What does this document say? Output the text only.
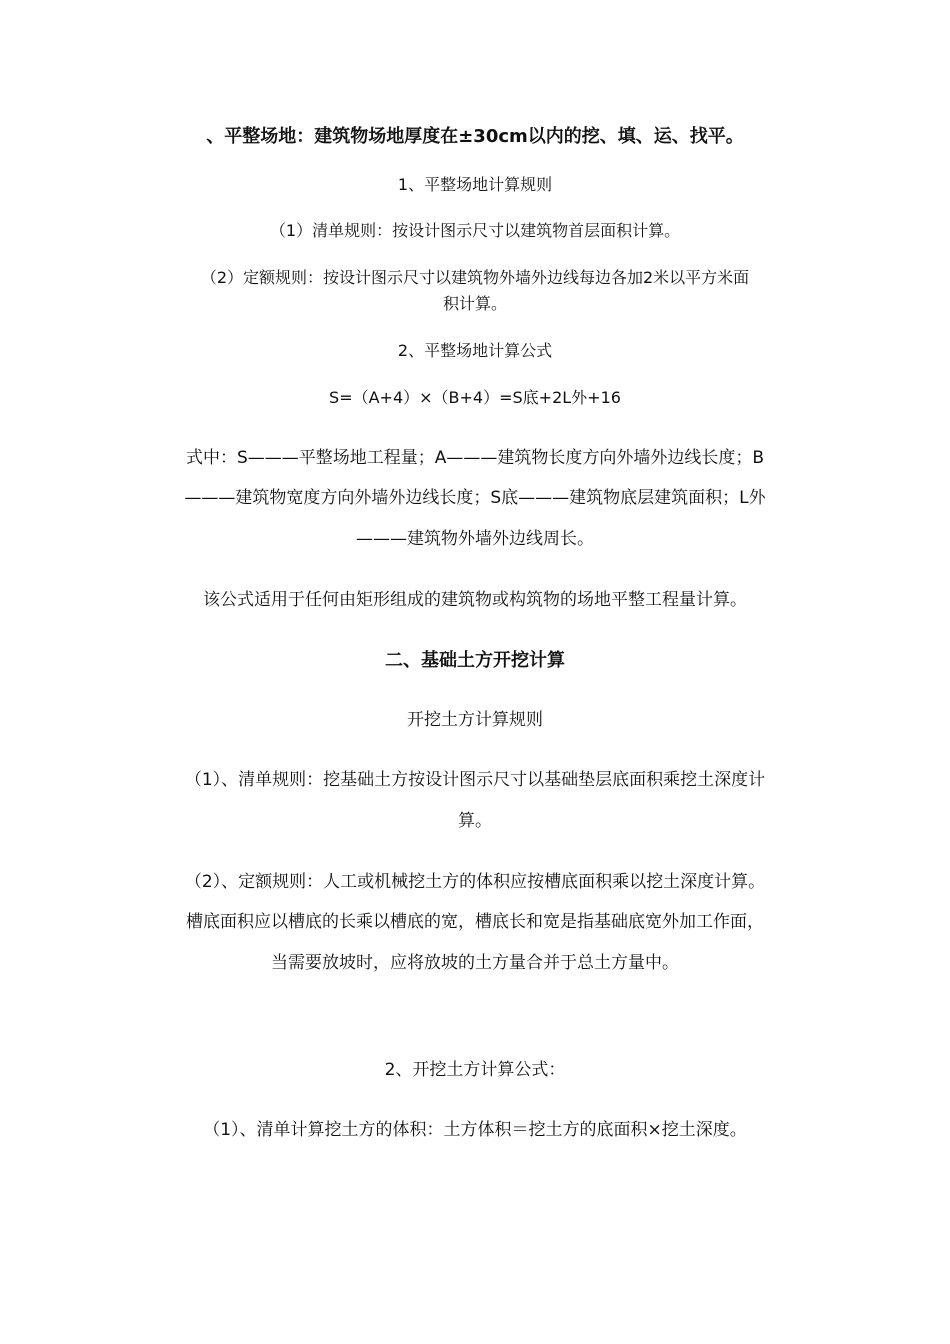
、平整场地：建筑物场地厚度在±30cm以内的挖、填、运、找平。
1、平整场地计算规则
（1）清单规则：按设计图示尺寸以建筑物首层面积计算。
（2）定额规则：按设计图示尺寸以建筑物外墙外边线每边各加2米以平方米面
积计算。
2、平整场地计算公式
S=（A+4）×（B+4）=S底+2L外+16
式中：S———平整场地工程量；A———建筑物长度方向外墙外边线长度；B
———建筑物宽度方向外墙外边线长度；S底———建筑物底层建筑面积；L外
———建筑物外墙外边线周长。
该公式适用于任何由矩形组成的建筑物或构筑物的场地平整工程量计算。
二、基础土方开挖计算
开挖土方计算规则
（1）、清单规则：挖基础土方按设计图示尺寸以基础垫层底面积乘挖土深度计
算。
（2）、定额规则：人工或机械挖土方的体积应按槽底面积乘以挖土深度计算。
槽底面积应以槽底的长乘以槽底的宽，槽底长和宽是指基础底宽外加工作面，
当需要放坡时，应将放坡的土方量合并于总土方量中。
2、开挖土方计算公式：
（1）、清单计算挖土方的体积：土方体积＝挖土方的底面积×挖土深度。
